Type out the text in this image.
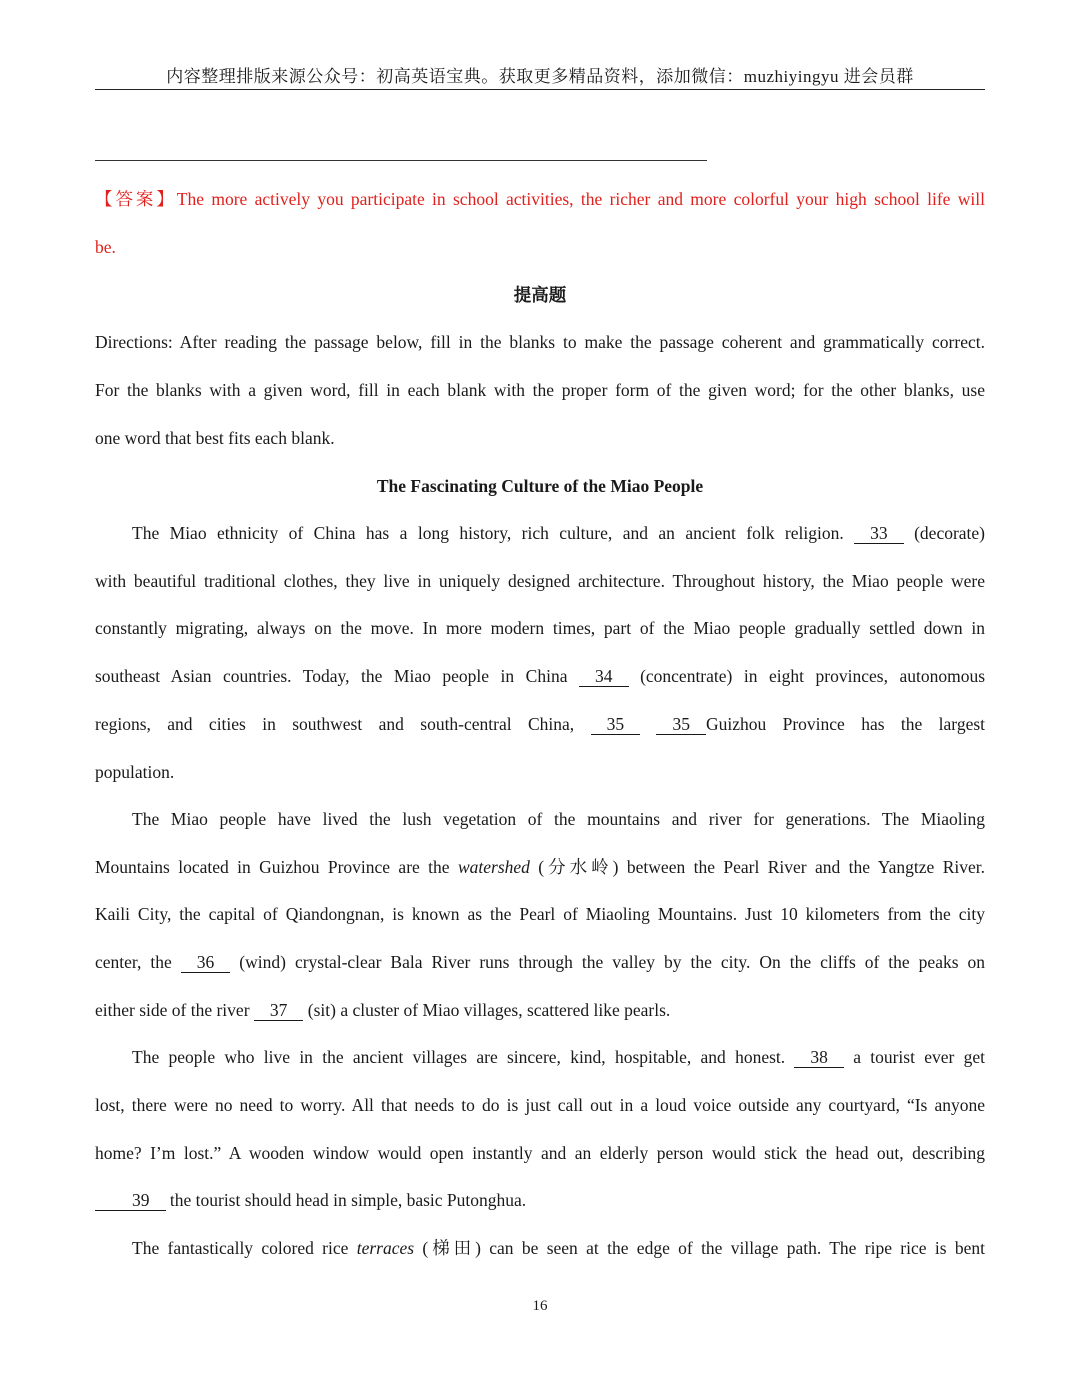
内容整理排版来源公众号：初高英语宝典。获取更多精品资料，添加微信：muzhiyingyu 进会员群
【答案】The more actively you participate in school activities, the richer and more colorful your high school life will
be.
提高题
Directions: After reading the passage below, fill in the blanks to make the passage coherent and grammatically correct.
For the blanks with a given word, fill in each blank with the proper form of the given word; for the other blanks, use
one word that best fits each blank.
The Fascinating Culture of the Miao People
The Miao ethnicity of China has a long history, rich culture, and an ancient folk religion. 33 (decorate)
with beautiful traditional clothes, they live in uniquely designed architecture. Throughout history, the Miao people were
constantly migrating, always on the move. In more modern times, part of the Miao people gradually settled down in
southeast Asian countries. Today, the Miao people in China 34 (concentrate) in eight provinces, autonomous
regions, and cities in southwest and south-central China, 35	35 Guizhou Province has the largest
population.
The Miao people have lived the lush vegetation of the mountains and river for generations. The Miaoling
Mountains located in Guizhou Province are the watershed (分水岭) between the Pearl River and the Yangtze River.
Kaili City, the capital of Qiandongnan, is known as the Pearl of Miaoling Mountains. Just 10 kilometers from the city
center, the 36 (wind) crystal-clear Bala River runs through the valley by the city. On the cliffs of the peaks on
either side of the river 37 (sit) a cluster of Miao villages, scattered like pearls.
The people who live in the ancient villages are sincere, kind, hospitable, and honest. 38 a tourist ever get
lost, there were no need to worry. All that needs to do is just call out in a loud voice outside any courtyard, “Is anyone
home? I’m lost.” A wooden window would open instantly and an elderly person would stick the head out, describing
39 the tourist should head in simple, basic Putonghua.
The fantastically colored rice terraces (梯田) can be seen at the edge of the village path. The ripe rice is bent
16
